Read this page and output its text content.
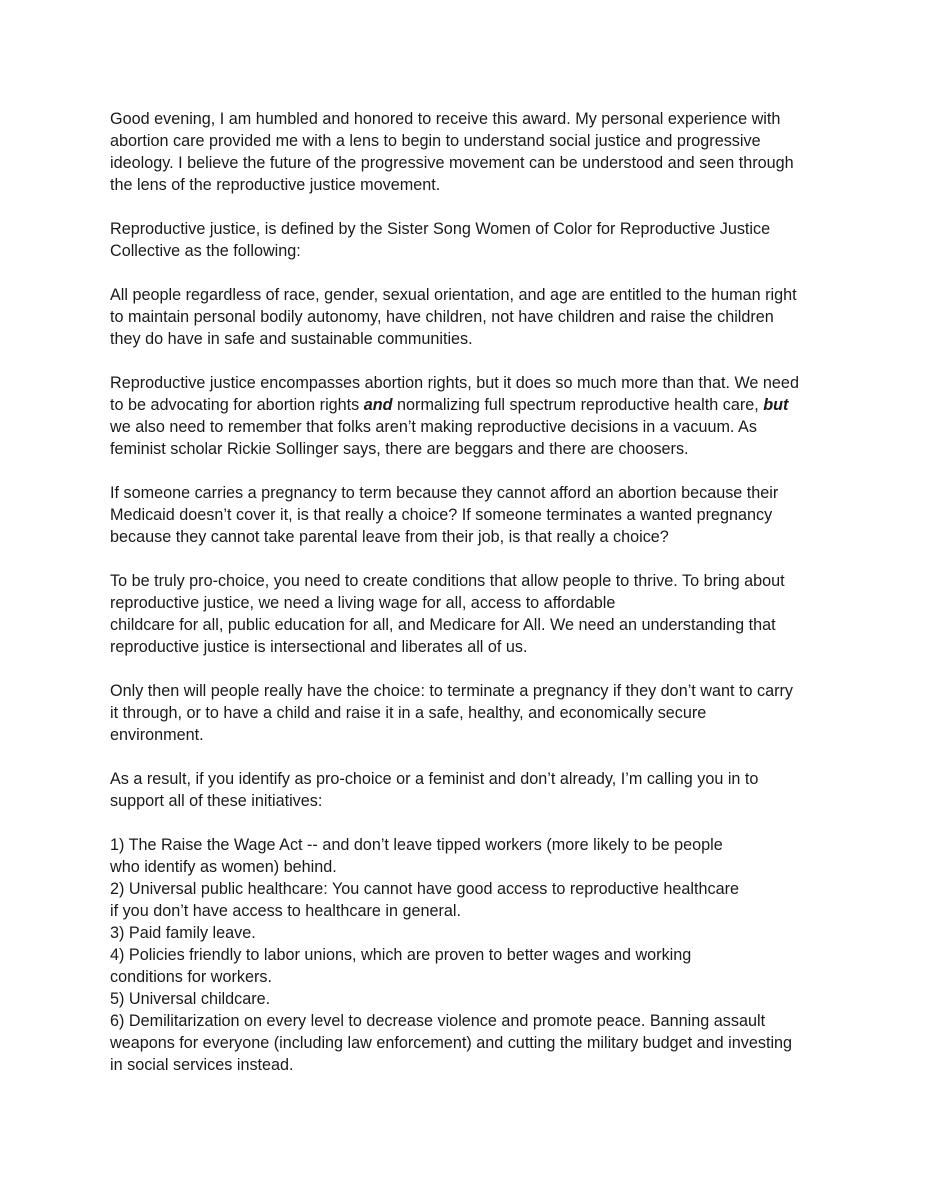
Good evening, I am humbled and honored to receive this award. My personal experience with
abortion care provided me with a lens to begin to understand social justice and progressive
ideology. I believe the future of the progressive movement can be understood and seen through
the lens of the reproductive justice movement.

Reproductive justice, is defined by the Sister Song Women of Color for Reproductive Justice
Collective as the following:

All people regardless of race, gender, sexual orientation, and age are entitled to the human right
to maintain personal bodily autonomy, have children, not have children and raise the children
they do have in safe and sustainable communities.

Reproductive justice encompasses abortion rights, but it does so much more than that. We need
to be advocating for abortion rights and normalizing full spectrum reproductive health care, but
we also need to remember that folks aren’t making reproductive decisions in a vacuum. As
feminist scholar Rickie Sollinger says, there are beggars and there are choosers.

If someone carries a pregnancy to term because they cannot afford an abortion because their
Medicaid doesn’t cover it, is that really a choice? If someone terminates a wanted pregnancy
because they cannot take parental leave from their job, is that really a choice?

To be truly pro-choice, you need to create conditions that allow people to thrive. To bring about
reproductive justice, we need a living wage for all, access to affordable
childcare for all, public education for all, and Medicare for All. We need an understanding that
reproductive justice is intersectional and liberates all of us.

Only then will people really have the choice: to terminate a pregnancy if they don’t want to carry
it through, or to have a child and raise it in a safe, healthy, and economically secure
environment.

As a result, if you identify as pro-choice or a feminist and don’t already, I’m calling you in to
support all of these initiatives:

1) The Raise the Wage Act -- and don’t leave tipped workers (more likely to be people
who identify as women) behind.
2) Universal public healthcare: You cannot have good access to reproductive healthcare
if you don’t have access to healthcare in general.
3) Paid family leave.
4) Policies friendly to labor unions, which are proven to better wages and working
conditions for workers.
5) Universal childcare.
6) Demilitarization on every level to decrease violence and promote peace. Banning assault
weapons for everyone (including law enforcement) and cutting the military budget and investing
in social services instead.
